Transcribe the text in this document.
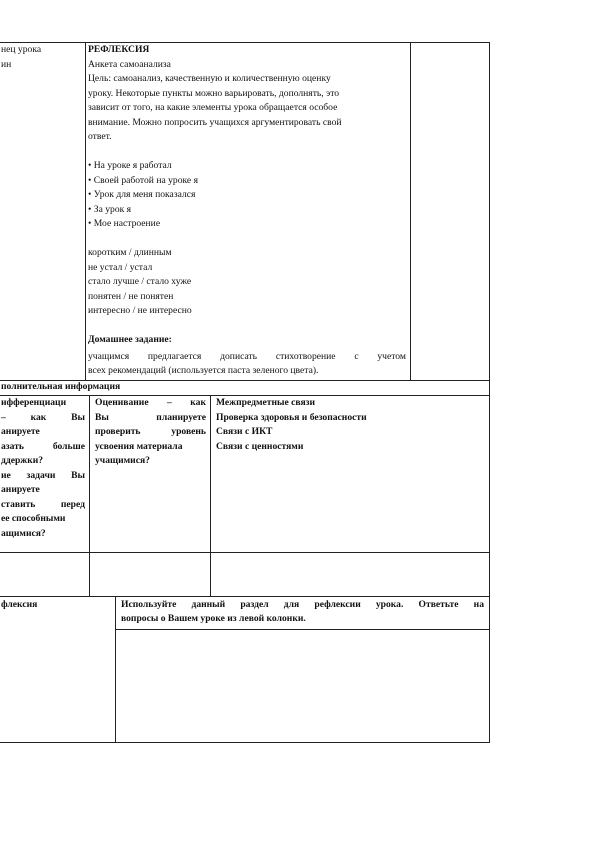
нец урока
ин
РЕФЛЕКСИЯ
Анкета самоанализа
Цель: самоанализ, качественную и количественную оценку
уроку. Некоторые пункты можно варьировать, дополнять, это
зависит от того, на какие элементы урока обращается особое
внимание. Можно попросить учащихся аргументировать свой
ответ.

• На уроке я работал
• Своей работой на уроке я
• Урок для меня показался
• За урок я
• Мое настроение

коротким / длинным
не устал / устал
стало лучше / стало хуже
понятен / не понятен
интересно / не интересно

Домашнее задание:
учащимся предлагается дописать стихотворение с учетом
всех рекомендаций (используется паста зеленого цвета).
полнительная информация
ифференциаци
– как Вы
анируете
азать больше
ддержки?
ие задачи Вы
анируете
ставить перед
ее способными
ащимися?
Оценивание – как
Вы планируете
проверить уровень
усвоения материала
учащимися?
Межпредметные связи
Проверка здоровья и безопасности
Связи с ИКТ
Связи с ценностями
флексия	Используйте данный раздел для рефлексии урока. Ответьте на
вопросы о Вашем уроке из левой колонки.
